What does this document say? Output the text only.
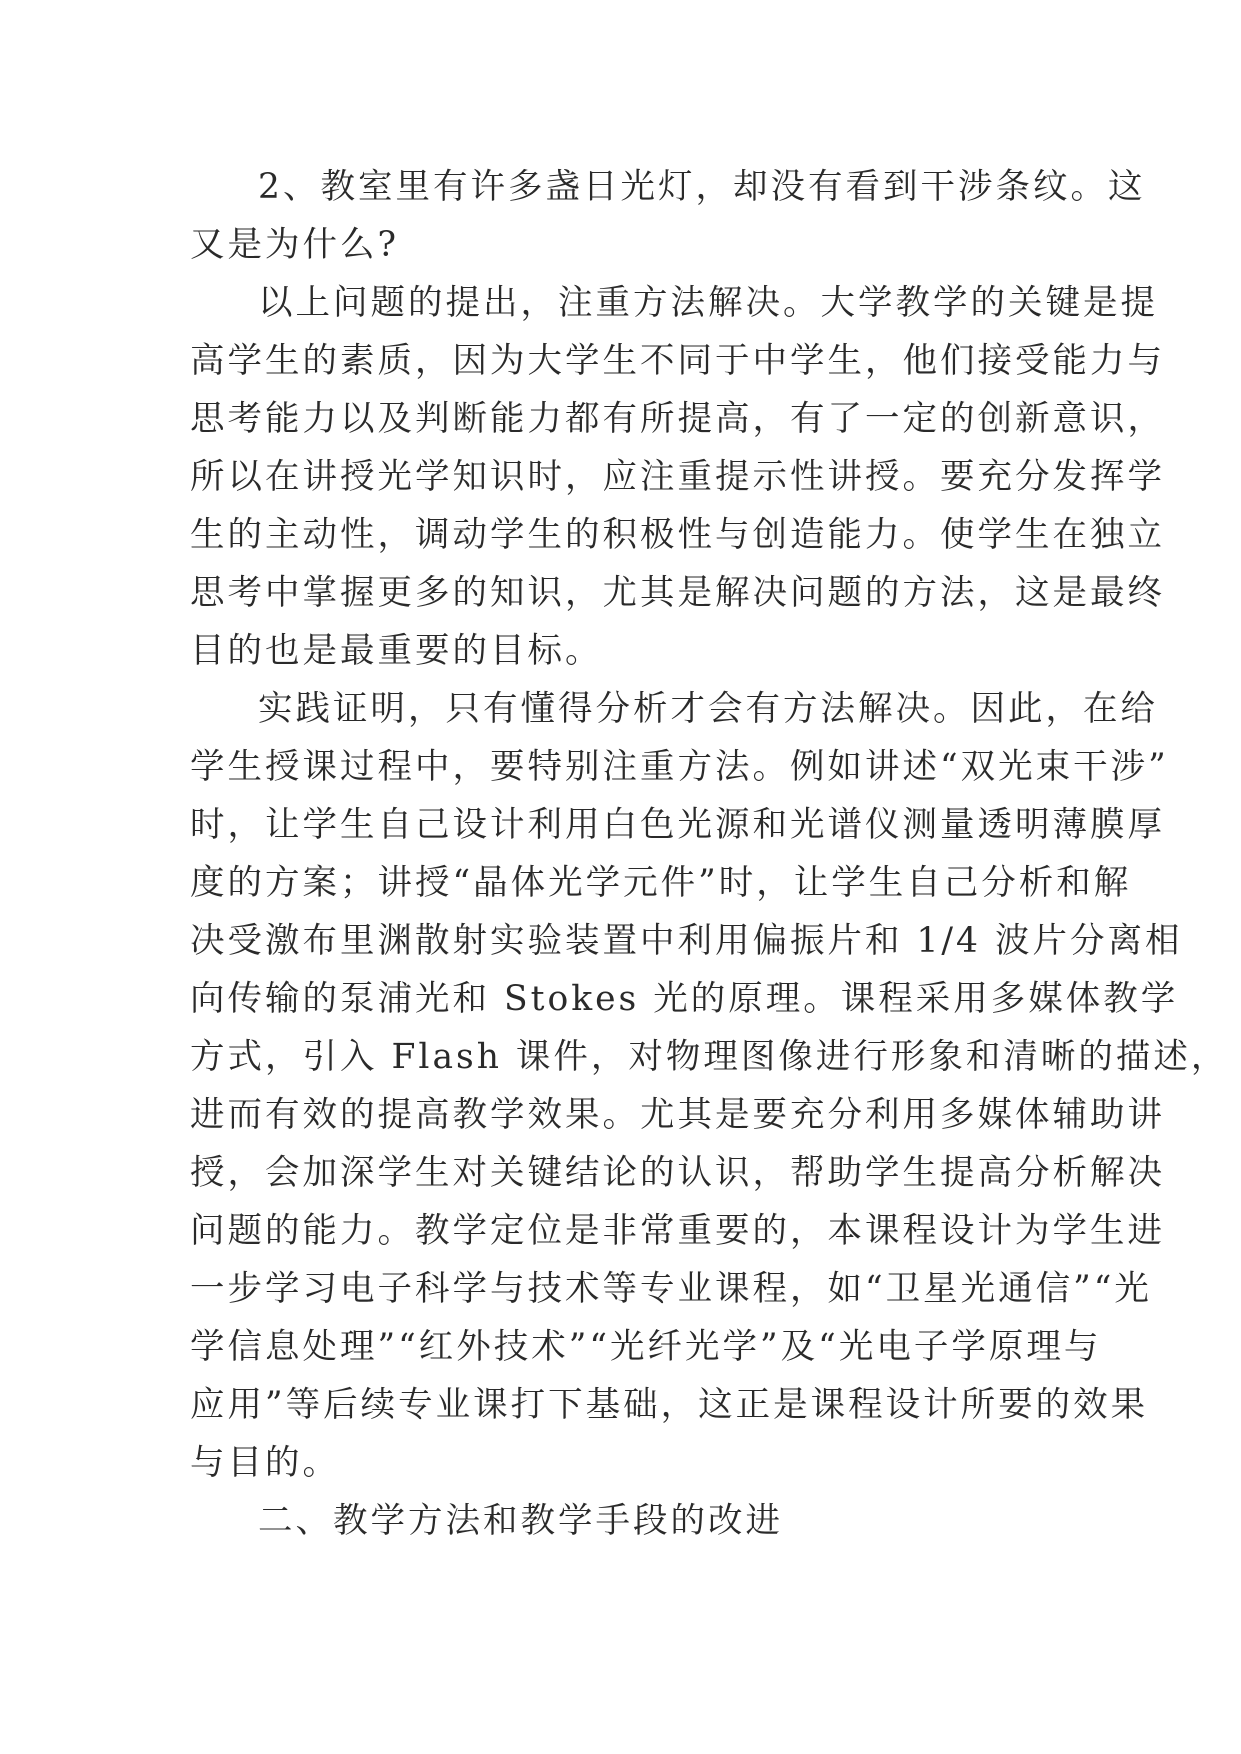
2、教室里有许多盏日光灯，却没有看到干涉条纹。这
又是为什么?
以上问题的提出，注重方法解决。大学教学的关键是提
高学生的素质，因为大学生不同于中学生，他们接受能力与
思考能力以及判断能力都有所提高，有了一定的创新意识，
所以在讲授光学知识时，应注重提示性讲授。要充分发挥学
生的主动性，调动学生的积极性与创造能力。使学生在独立
思考中掌握更多的知识，尤其是解决问题的方法，这是最终
目的也是最重要的目标。
实践证明，只有懂得分析才会有方法解决。因此，在给
学生授课过程中，要特别注重方法。例如讲述“双光束干涉”
时，让学生自己设计利用白色光源和光谱仪测量透明薄膜厚
度的方案；讲授“晶体光学元件”时，让学生自己分析和解
决受激布里渊散射实验装置中利用偏振片和 1/4 波片分离相
向传输的泵浦光和 Stokes 光的原理。课程采用多媒体教学
方式，引入 Flash 课件，对物理图像进行形象和清晰的描述，
进而有效的提高教学效果。尤其是要充分利用多媒体辅助讲
授，会加深学生对关键结论的认识，帮助学生提高分析解决
问题的能力。教学定位是非常重要的，本课程设计为学生进
一步学习电子科学与技术等专业课程，如“卫星光通信”“光
学信息处理”“红外技术”“光纤光学”及“光电子学原理与
应用”等后续专业课打下基础，这正是课程设计所要的效果
与目的。
二、教学方法和教学手段的改进
